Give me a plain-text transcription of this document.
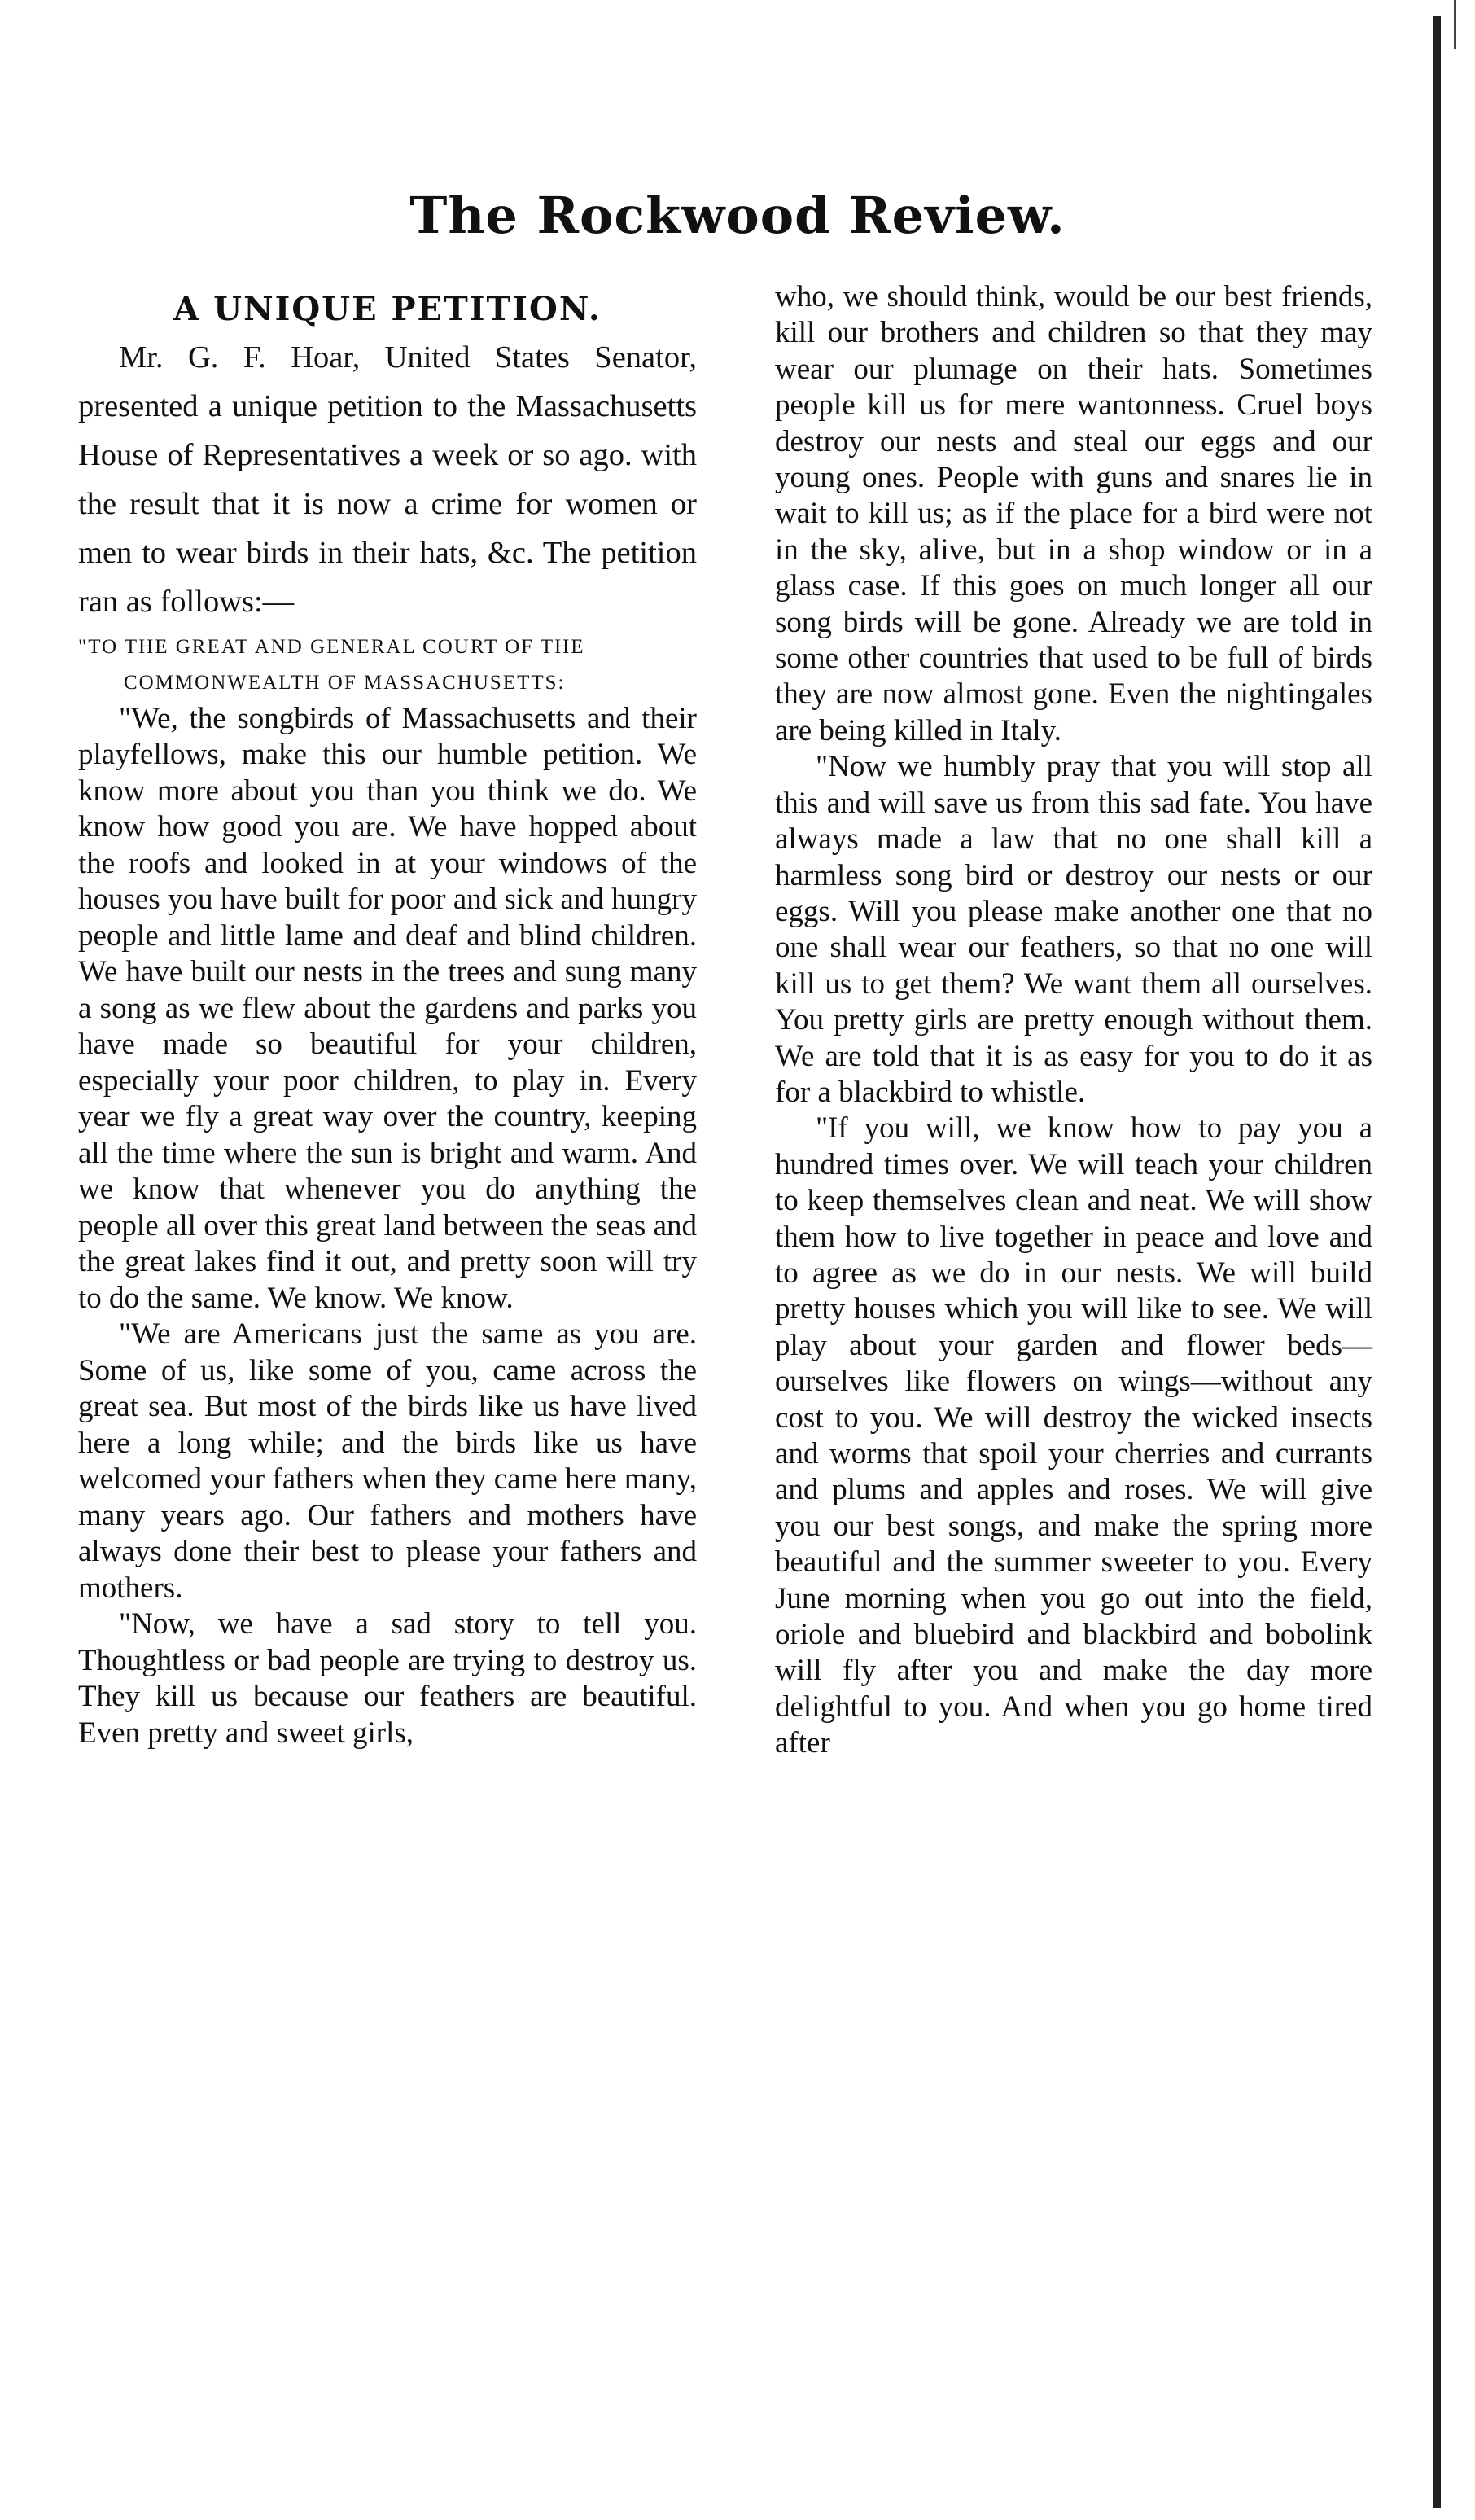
The Rockwood Review.
A UNIQUE PETITION.

Mr. G. F. Hoar, United States Senator, presented a unique petition to the Massachusetts House of Representatives a week or so ago. with the result that it is now a crime for women or men to wear birds in their hats, &c. The petition ran as follows:—

"TO THE GREAT AND GENERAL COURT OF THE COMMONWEALTH OF MASSACHUSETTS:

"We, the songbirds of Massachusetts and their playfellows, make this our humble petition. We know more about you than you think we do. We know how good you are. We have hopped about the roofs and looked in at your windows of the houses you have built for poor and sick and hungry people and little lame and deaf and blind children. We have built our nests in the trees and sung many a song as we flew about the gardens and parks you have made so beautiful for your children, especially your poor children, to play in. Every year we fly a great way over the country, keeping all the time where the sun is bright and warm. And we know that whenever you do anything the people all over this great land between the seas and the great lakes find it out, and pretty soon will try to do the same. We know. We know.

"We are Americans just the same as you are. Some of us, like some of you, came across the great sea. But most of the birds like us have lived here a long while; and the birds like us have welcomed your fathers when they came here many, many years ago. Our fathers and mothers have always done their best to please your fathers and mothers.

"Now, we have a sad story to tell you. Thoughtless or bad people are trying to destroy us. They kill us because our feathers are beautiful. Even pretty and sweet girls,

who, we should think, would be our best friends, kill our brothers and children so that they may wear our plumage on their hats. Sometimes people kill us for mere wantonness. Cruel boys destroy our nests and steal our eggs and our young ones. People with guns and snares lie in wait to kill us; as if the place for a bird were not in the sky, alive, but in a shop window or in a glass case. If this goes on much longer all our song birds will be gone. Already we are told in some other countries that used to be full of birds they are now almost gone. Even the nightingales are being killed in Italy.

"Now we humbly pray that you will stop all this and will save us from this sad fate. You have always made a law that no one shall kill a harmless song bird or destroy our nests or our eggs. Will you please make another one that no one shall wear our feathers, so that no one will kill us to get them? We want them all ourselves. You pretty girls are pretty enough without them. We are told that it is as easy for you to do it as for a blackbird to whistle.

"If you will, we know how to pay you a hundred times over. We will teach your children to keep themselves clean and neat. We will show them how to live together in peace and love and to agree as we do in our nests. We will build pretty houses which you will like to see. We will play about your garden and flower beds—ourselves like flowers on wings—without any cost to you. We will destroy the wicked insects and worms that spoil your cherries and currants and plums and apples and roses. We will give you our best songs, and make the spring more beautiful and the summer sweeter to you. Every June morning when you go out into the field, oriole and bluebird and blackbird and bobolink will fly after you and make the day more delightful to you. And when you go home tired after
